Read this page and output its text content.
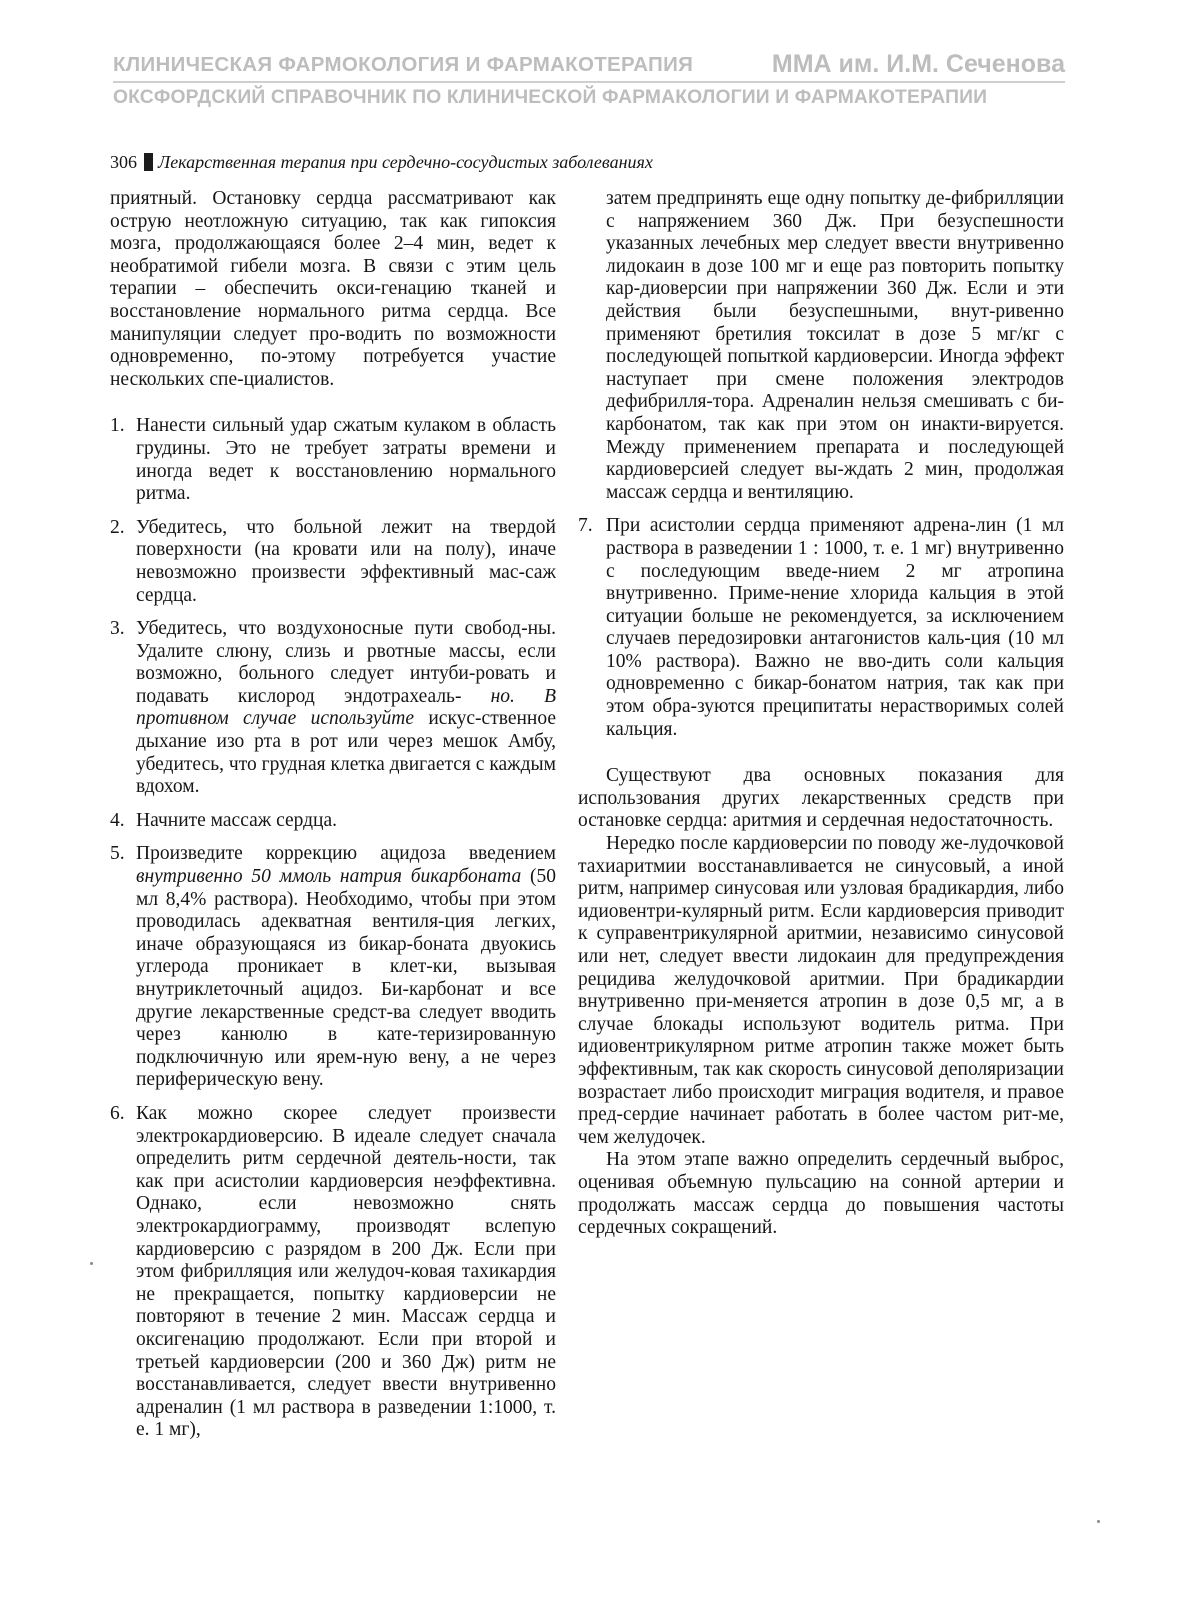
КЛИНИЧЕСКАЯ ФАРМОКОЛОГИЯ И ФАРМАКОТЕРАПИЯ	ММА им. И.М. Сеченова
ОКСФОРДСКИЙ СПРАВОЧНИК ПО КЛИНИЧЕСКОЙ ФАРМАКОЛОГИИ И ФАРМАКОТЕРАПИИ
306 Лекарственная терапия при сердечно-сосудистых заболеваниях

приятный. Остановку сердца рассматривают как острую неотложную ситуацию, так как гипоксия мозга, продолжающаяся более 2–4 мин, ведет к необратимой гибели мозга. В связи с этим цель терапии – обеспечить окси-генацию тканей и восстановление нормального ритма сердца. Все манипуляции следует про-водить по возможности одновременно, по-этому потребуется участие нескольких спе-циалистов.

1. Нанести сильный удар сжатым кулаком в область грудины. Это не требует затраты времени и иногда ведет к восстановлению нормального ритма.

2. Убедитесь, что больной лежит на твердой поверхности (на кровати или на полу), иначе невозможно произвести эффективный мас-саж сердца.

3. Убедитесь, что воздухоносные пути свобод-ны. Удалите слюну, слизь и рвотные массы, если возможно, больного следует интуби-ровать и подавать кислород эндотрахеаль- но. В противном случае используйте искус-ственное дыхание изо рта в рот или через мешок Амбу, убедитесь, что грудная клетка двигается с каждым вдохом.

4. Начните массаж сердца.

5. Произведите коррекцию ацидоза введением внутривенно 50 ммоль натрия бикарбоната (50 мл 8,4% раствора). Необходимо, чтобы при этом проводилась адекватная вентиля-ция легких, иначе образующаяся из бикар-бонатa двуокись углерода проникает в клет-ки, вызывая внутриклеточный ацидоз. Би-карбонат и все другие лекарственные средст-ва следует вводить через канюлю в кате-теризированную подключичную или ярем-ную вену, а не через периферическую вену.

6. Как можно скорее следует произвести электрокардиоверсию. В идеале следует сначала определить ритм сердечной деятель-ности, так как при асистолии кардиоверсия неэффективна. Однако, если невозможно снять электрокардиограмму, производят вслепую кардиоверсию с разрядом в 200 Дж. Если при этом фибрилляция или желудоч-ковая тахикардия не прекращается, попытку кардиоверсии не повторяют в течение 2 мин. Массаж сердца и оксигенацию продолжают. Если при второй и третьей кардиоверсии (200 и 360 Дж) ритм не восстанавливается, следует ввести внутривенно адреналин (1 мл раствора в разведении 1:1000, т. е. 1 мг),

затем предпринять еще одну попытку де-фибрилляции с напряжением 360 Дж. При безуспешности указанных лечебных мер следует ввести внутривенно лидокаин в дозе 100 мг и еще раз повторить попытку кар-диоверсии при напряжении 360 Дж. Если и эти действия были безуспешными, внут-ривенно применяют бретилия токсилат в дозе 5 мг/кг с последующей попыткой кардиоверсии. Иногда эффект наступает при смене положения электродов дефибрилля-тора. Адреналин нельзя смешивать с би-карбонатом, так как при этом он инакти-вируется. Между применением препарата и последующей кардиоверсией следует вы-ждать 2 мин, продолжая массаж сердца и вентиляцию.

7. При асистолии сердца применяют адрена-лин (1 мл раствора в разведении 1 : 1000, т. е. 1 мг) внутривенно с последующим введе-нием 2 мг атропина внутривенно. Приме-нение хлорида кальция в этой ситуации больше не рекомендуется, за исключением случаев передозировки антагонистов каль-ция (10 мл 10% раствора). Важно не вво-дить соли кальция одновременно с бикар-бонатом натрия, так как при этом обра-зуются преципитаты нерастворимых солей кальция.

Существуют два основных показания для использования других лекарственных средств при остановке сердца: аритмия и сердечная недостаточность.

Нередко после кардиоверсии по поводу же-лудочковой тахиаритмии восстанавливается не синусовый, а иной ритм, например синусовая или узловая брадикардия, либо идиовентри-кулярный ритм. Если кардиоверсия приводит к суправентрикулярной аритмии, независимо синусовой или нет, следует ввести лидокаин для предупреждения рецидива желудочковой аритмии. При брадикардии внутривенно при-меняется атропин в дозе 0,5 мг, а в случае блокады используют водитель ритма. При идиовентрикулярном ритме атропин также может быть эффективным, так как скорость синусовой деполяризации возрастает либо происходит миграция водителя, и правое пред-сердие начинает работать в более частом рит-ме, чем желудочек.

На этом этапе важно определить сердечный выброс, оценивая объемную пульсацию на сонной артерии и продолжать массаж сердца до повышения частоты сердечных сокращений.
